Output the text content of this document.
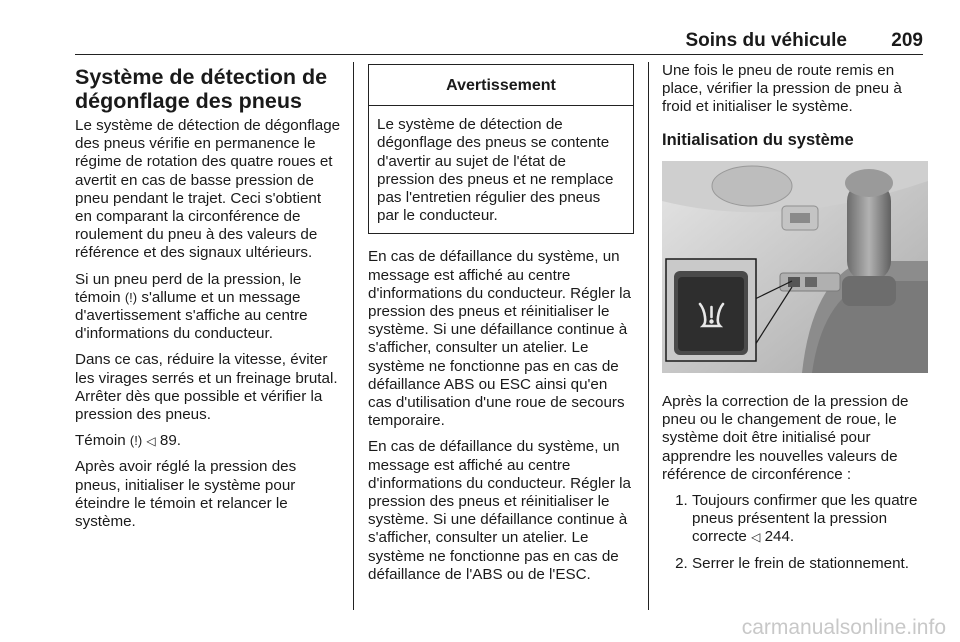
Soins du véhicule 209
Système de détection de dégonflage des pneus

Le système de détection de dégonflage des pneus vérifie en permanence le régime de rotation des quatre roues et avertit en cas de basse pression de pneu pendant le trajet. Ceci s'obtient en comparant la circonférence de roulement du pneu à des valeurs de référence et des signaux ultérieurs.

Si un pneu perd de la pression, le témoin (!) s'allume et un message d'avertissement s'affiche au centre d'informations du conducteur.

Dans ce cas, réduire la vitesse, éviter les virages serrés et un freinage brutal. Arrêter dès que possible et vérifier la pression des pneus.

Témoin (!) ◁ 89.

Après avoir réglé la pression des pneus, initialiser le système pour éteindre le témoin et relancer le système.

Avertissement
Le système de détection de dégonflage des pneus se contente d'avertir au sujet de l'état de pression des pneus et ne remplace pas l'entretien régulier des pneus par le conducteur.

En cas de défaillance du système, un message est affiché au centre d'informations du conducteur. Régler la pression des pneus et réinitialiser le système. Si une défaillance continue à s'afficher, consulter un atelier. Le système ne fonctionne pas en cas de défaillance ABS ou ESC ainsi qu'en cas d'utilisation d'une roue de secours temporaire.

En cas de défaillance du système, un message est affiché au centre d'informations du conducteur. Régler la pression des pneus et réinitialiser le système. Si une défaillance continue à s'afficher, consulter un atelier. Le système ne fonctionne pas en cas de défaillance de l'ABS ou de l'ESC.

Une fois le pneu de route remis en place, vérifier la pression de pneu à froid et initialiser le système.

Initialisation du système

Après la correction de la pression de pneu ou le changement de roue, le système doit être initialisé pour apprendre les nouvelles valeurs de référence de circonférence :

1. Toujours confirmer que les quatre pneus présentent la pression correcte ◁ 244.
2. Serrer le frein de stationnement.
carmanualsonline.info
